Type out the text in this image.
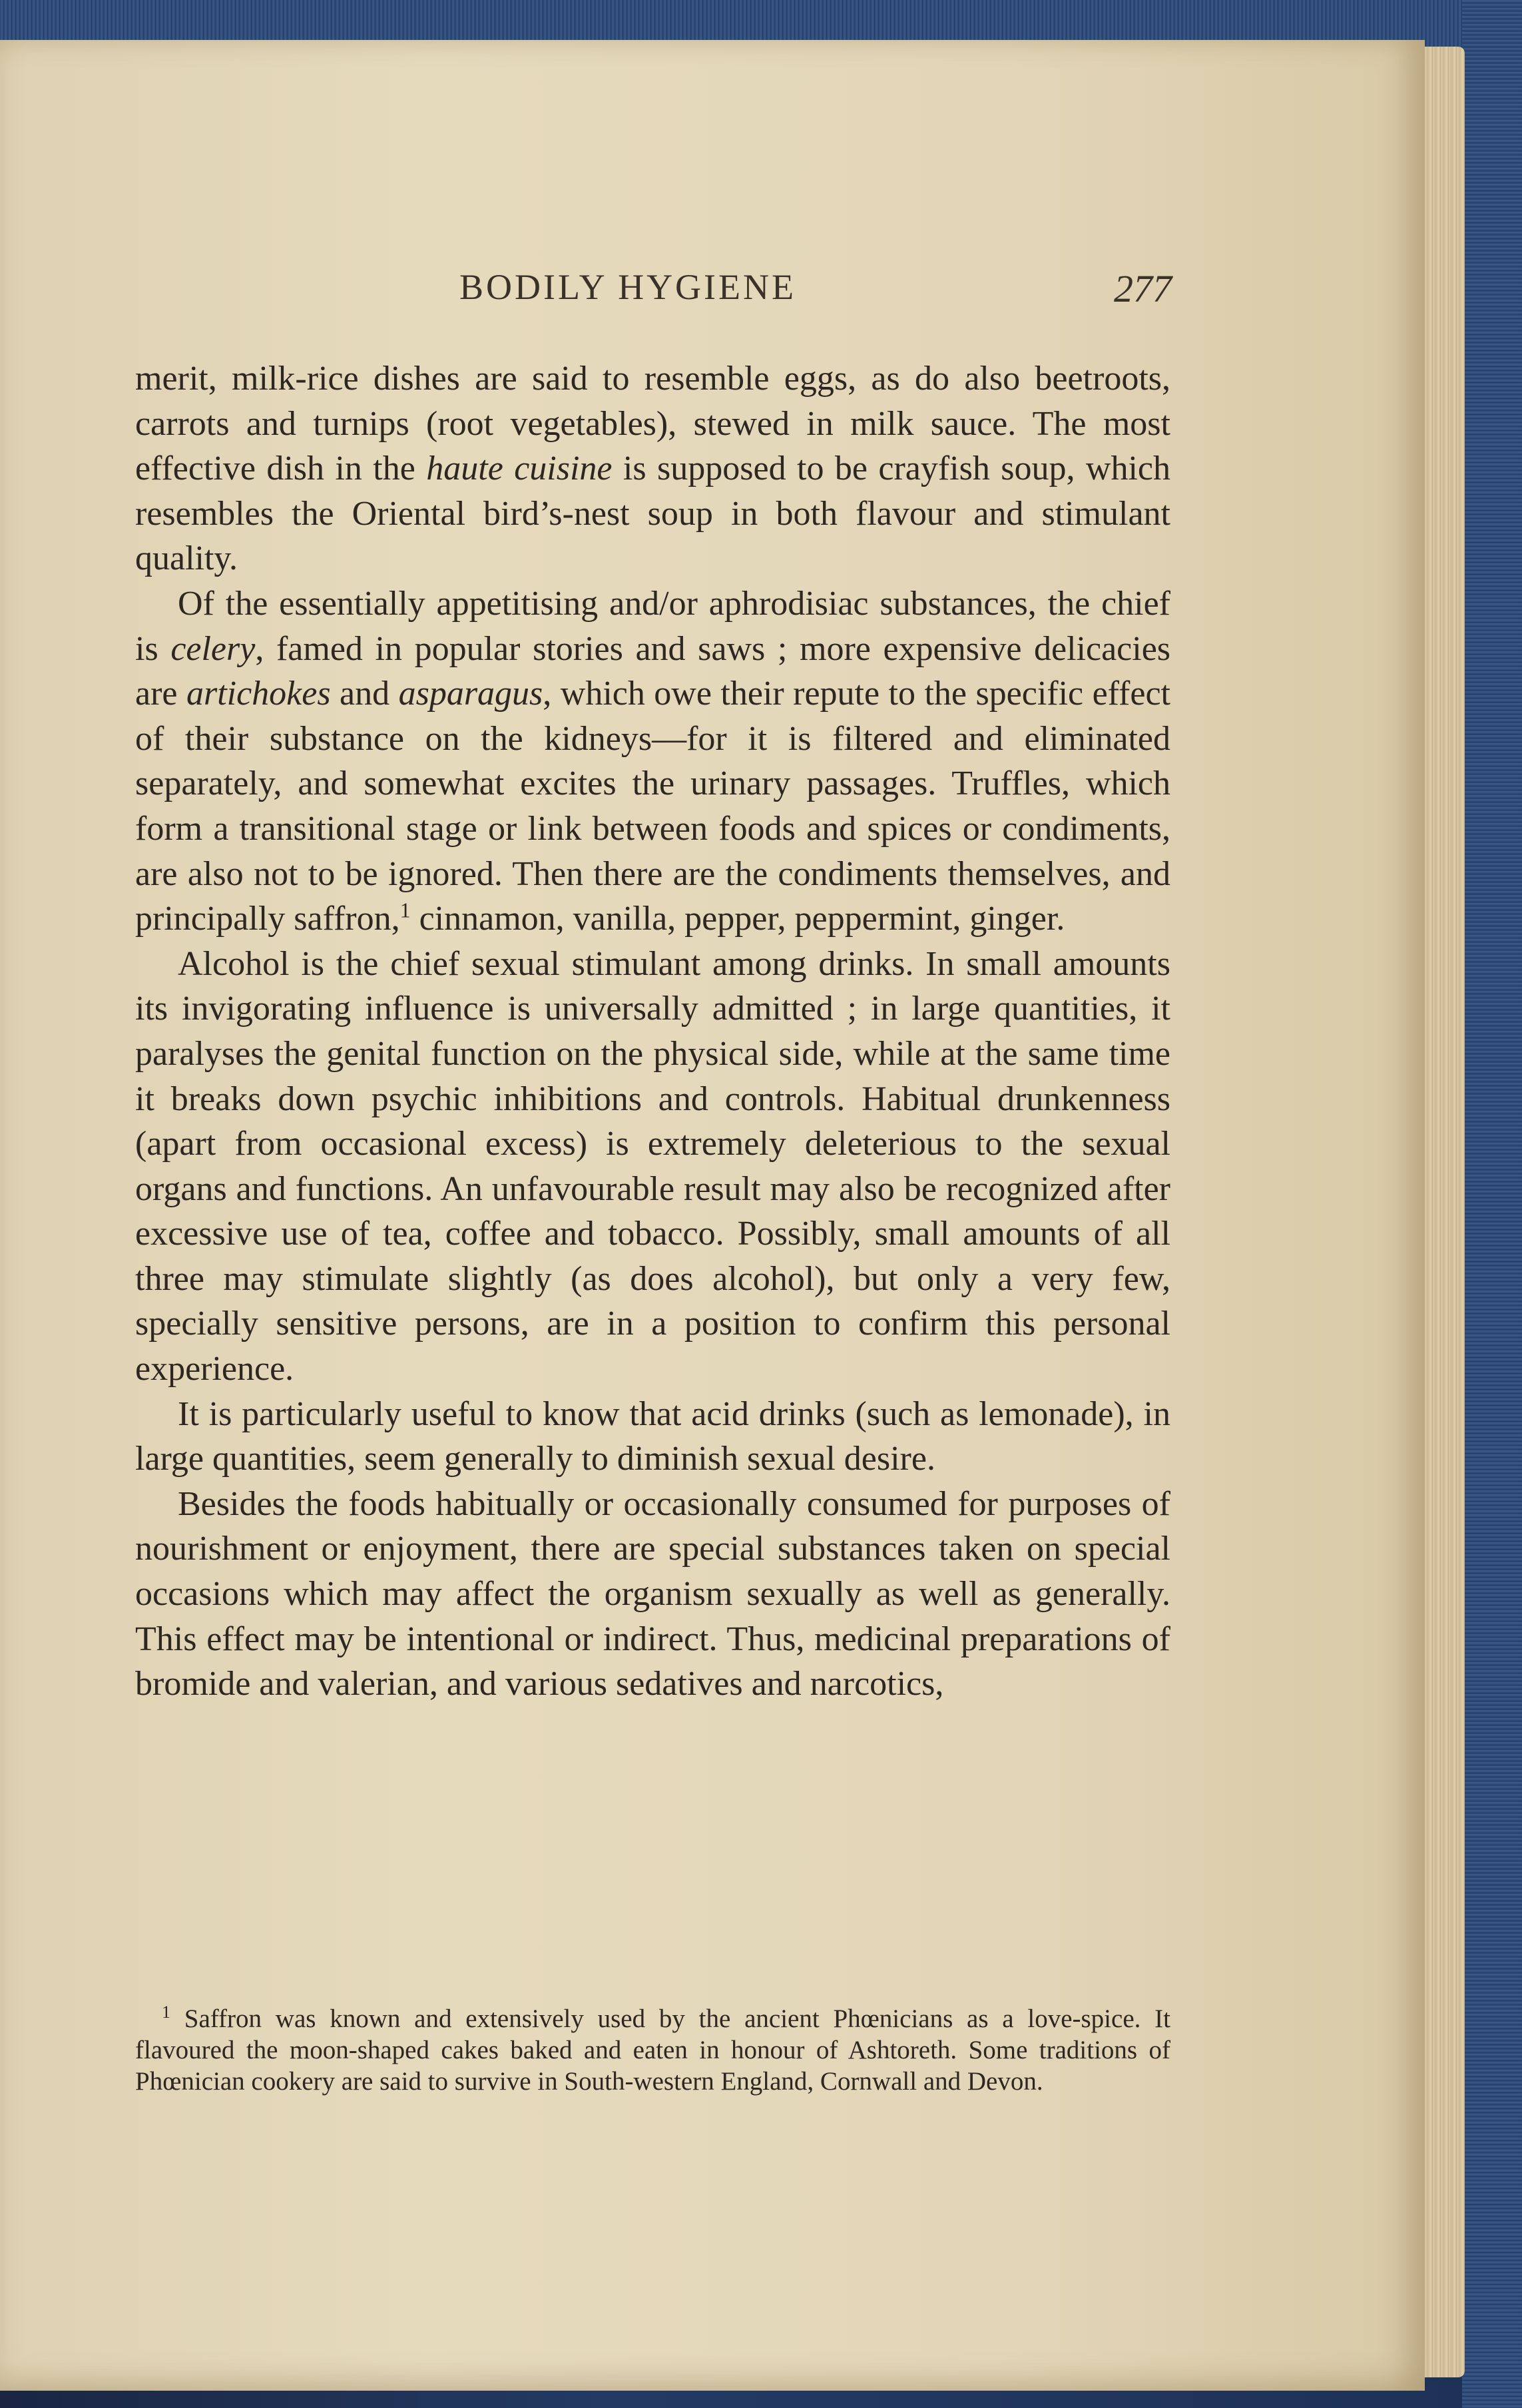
BODILY HYGIENE	277

merit, milk-rice dishes are said to resemble eggs, as do also beetroots, carrots and turnips (root vegetables), stewed in milk sauce. The most effective dish in the haute cuisine is supposed to be crayfish soup, which resembles the Oriental bird’s-nest soup in both flavour and stimulant quality.

Of the essentially appetitising and/or aphrodisiac substances, the chief is celery, famed in popular stories and saws ; more expensive delicacies are artichokes and asparagus, which owe their repute to the specific effect of their substance on the kidneys—for it is filtered and eliminated separately, and somewhat excites the urinary passages. Truffles, which form a transitional stage or link between foods and spices or condiments, are also not to be ignored. Then there are the condiments themselves, and principally saffron,$^1$ cinnamon, vanilla, pepper, peppermint, ginger.

Alcohol is the chief sexual stimulant among drinks. In small amounts its invigorating influence is universally admitted ; in large quantities, it paralyses the genital function on the physical side, while at the same time it breaks down psychic inhibitions and controls. Habitual drunkenness (apart from occasional excess) is extremely deleterious to the sexual organs and functions. An unfavourable result may also be recognized after excessive use of tea, coffee and tobacco. Possibly, small amounts of all three may stimulate slightly (as does alcohol), but only a very few, specially sensitive persons, are in a position to confirm this personal experience.

It is particularly useful to know that acid drinks (such as lemonade), in large quantities, seem generally to diminish sexual desire.

Besides the foods habitually or occasionally consumed for purposes of nourishment or enjoyment, there are special substances taken on special occasions which may affect the organism sexually as well as generally. This effect may be intentional or indirect. Thus, medicinal preparations of bromide and valerian, and various sedatives and narcotics,

$^1$ Saffron was known and extensively used by the ancient Phœnicians as a love-spice. It flavoured the moon-shaped cakes baked and eaten in honour of Ashtoreth. Some traditions of Phœnician cookery are said to survive in South-western England, Cornwall and Devon.
